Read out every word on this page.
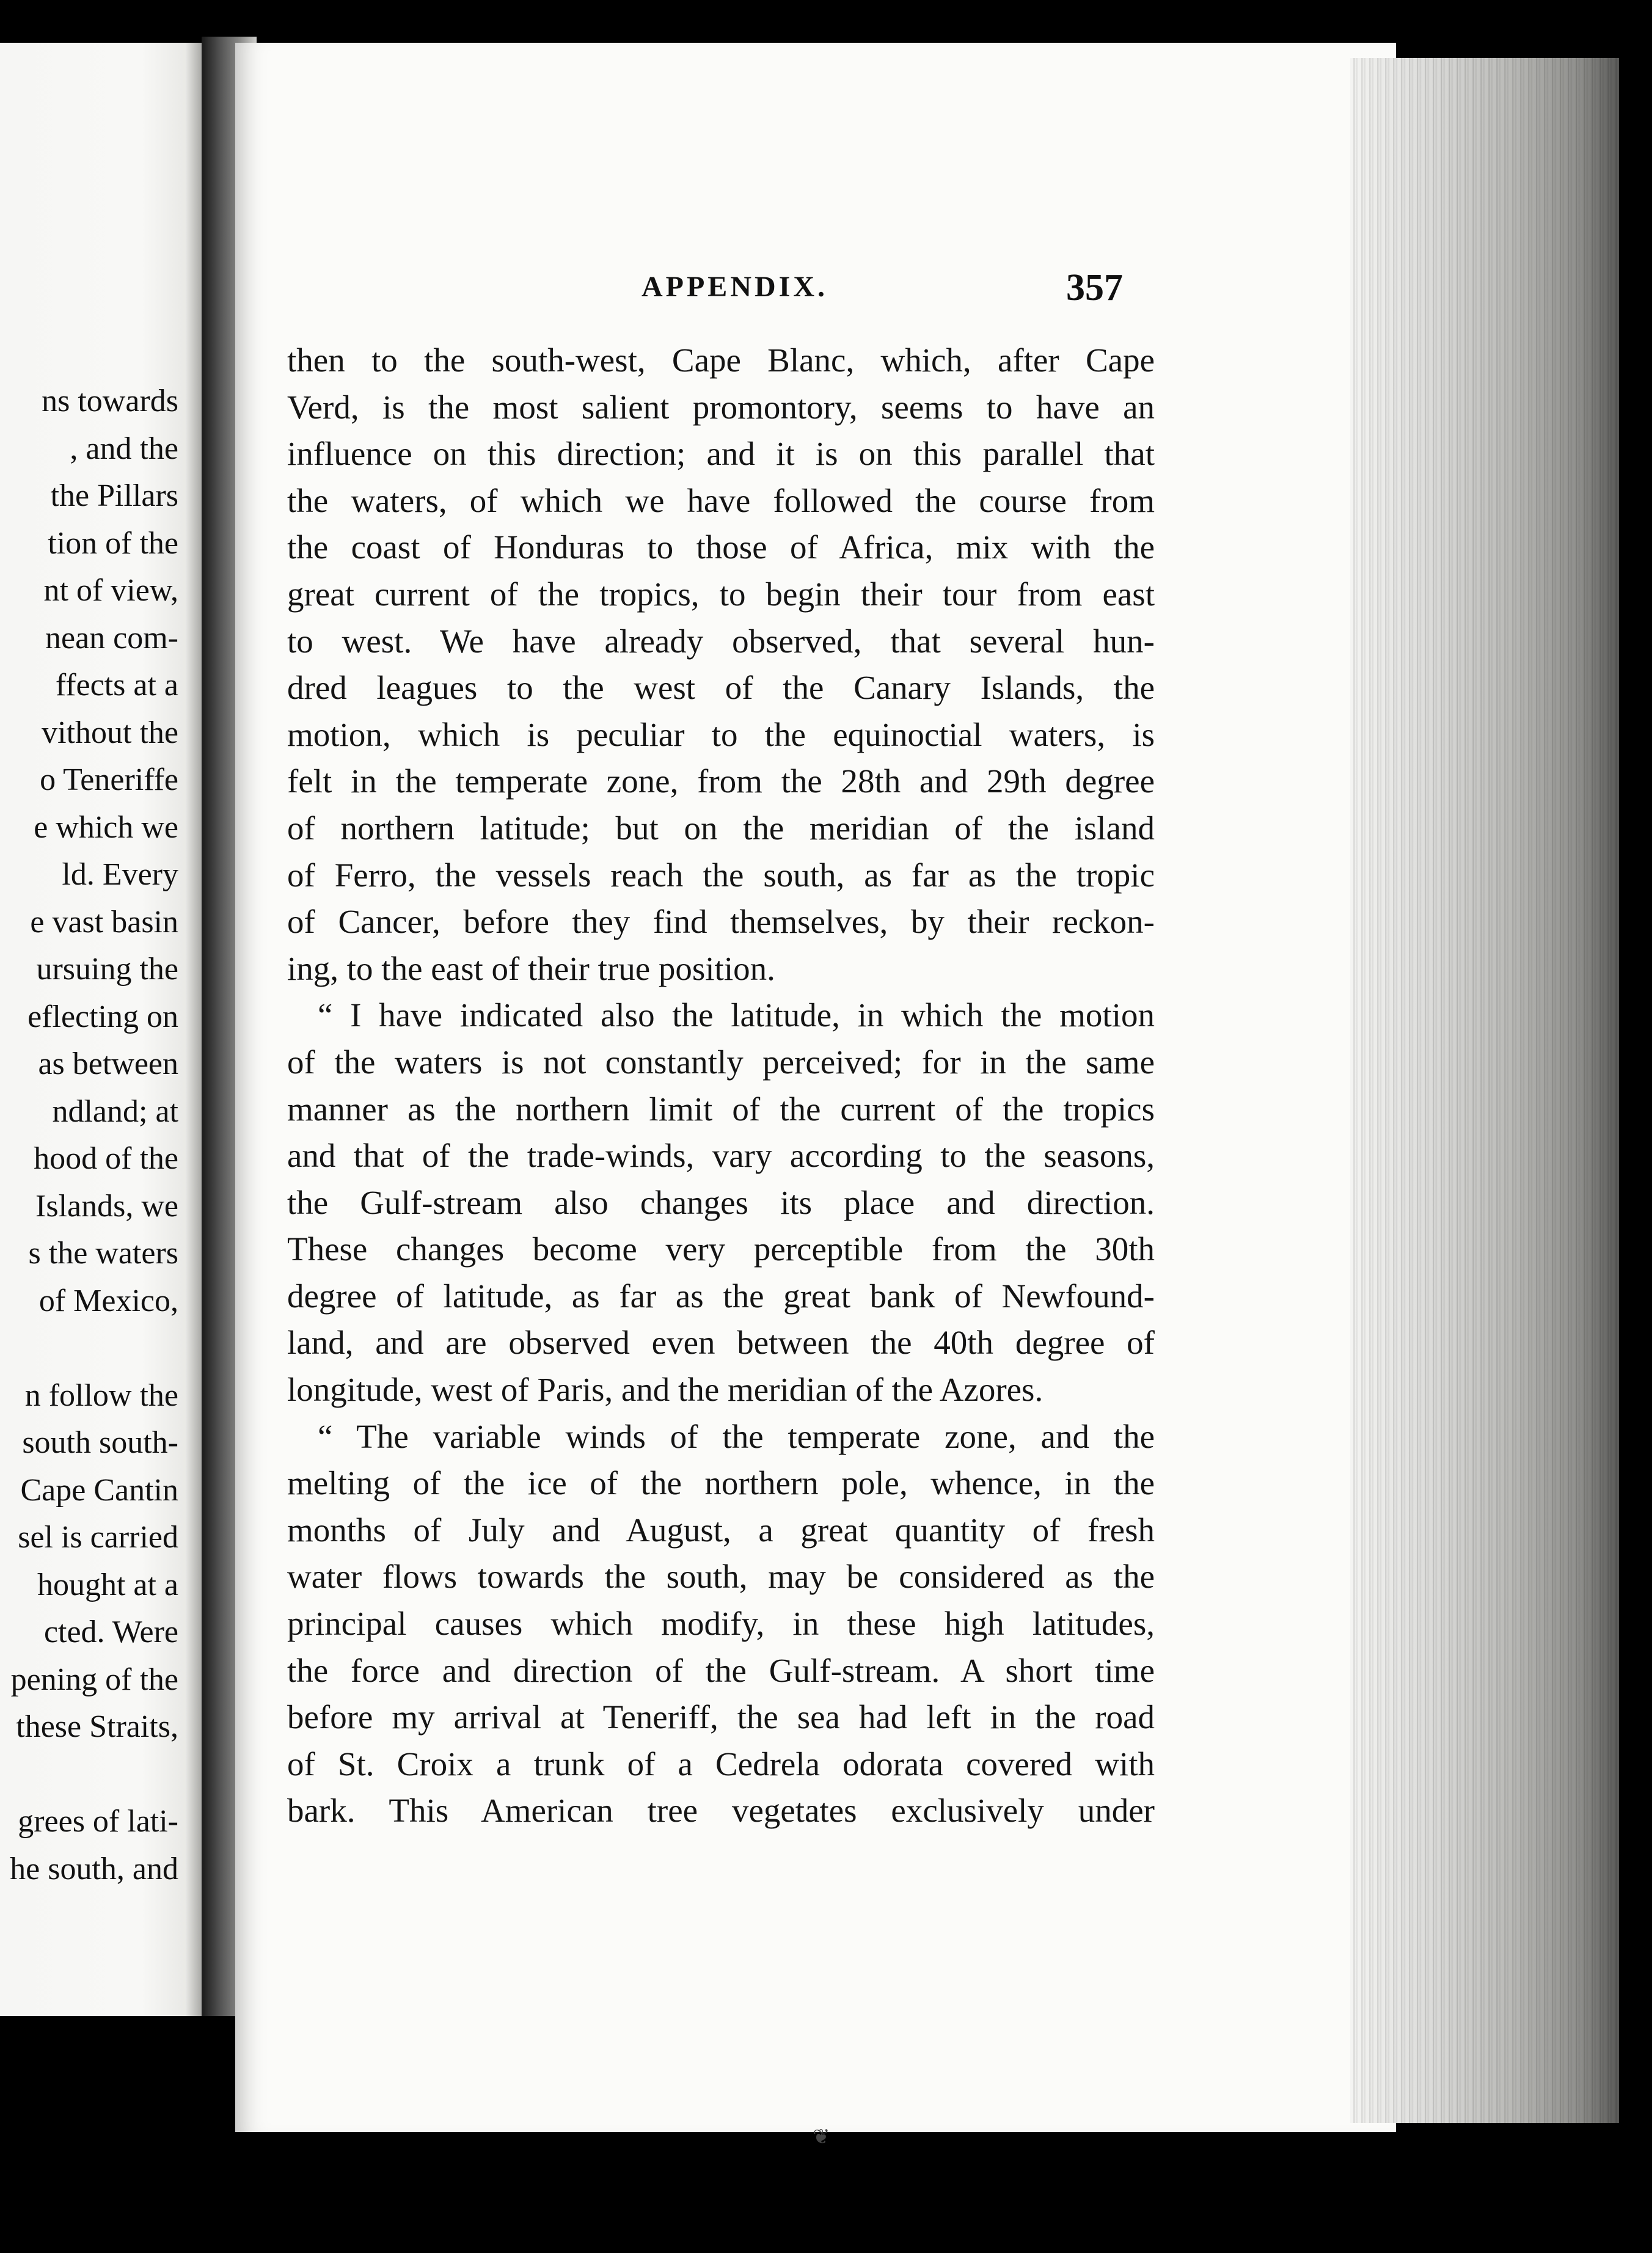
ns towards
, and the
the Pillars
tion of the
nt of view,
nean com-
ffects at a
vithout the
o Teneriffe
e which we
ld. Every
e vast basin
ursuing the
eflecting on
as between
ndland; at
hood of the
Islands, we
s the waters
of Mexico,
n follow the
south south-
Cape Cantin
sel is carried
hought at a
cted. Were
pening of the
these Straits,
grees of lati-
he south, and
APPENDIX.	357
then to the south-west, Cape Blanc, which, after Cape
Verd, is the most salient promontory, seems to have an
influence on this direction; and it is on this parallel that
the waters, of which we have followed the course from
the coast of Honduras to those of Africa, mix with the
great current of the tropics, to begin their tour from east
to west. We have already observed, that several hun-
dred leagues to the west of the Canary Islands, the
motion, which is peculiar to the equinoctial waters, is
felt in the temperate zone, from the 28th and 29th degree
of northern latitude; but on the meridian of the island
of Ferro, the vessels reach the south, as far as the tropic
of Cancer, before they find themselves, by their reckon-
ing, to the east of their true position.
“ I have indicated also the latitude, in which the motion
of the waters is not constantly perceived; for in the same
manner as the northern limit of the current of the tropics
and that of the trade-winds, vary according to the seasons,
the Gulf-stream also changes its place and direction.
These changes become very perceptible from the 30th
degree of latitude, as far as the great bank of Newfound-
land, and are observed even between the 40th degree of
longitude, west of Paris, and the meridian of the Azores.
“ The variable winds of the temperate zone, and the
melting of the ice of the northern pole, whence, in the
months of July and August, a great quantity of fresh
water flows towards the south, may be considered as the
principal causes which modify, in these high latitudes,
the force and direction of the Gulf-stream. A short time
before my arrival at Teneriff, the sea had left in the road
of St. Croix a trunk of a Cedrela odorata covered with
bark. This American tree vegetates exclusively under
❦
